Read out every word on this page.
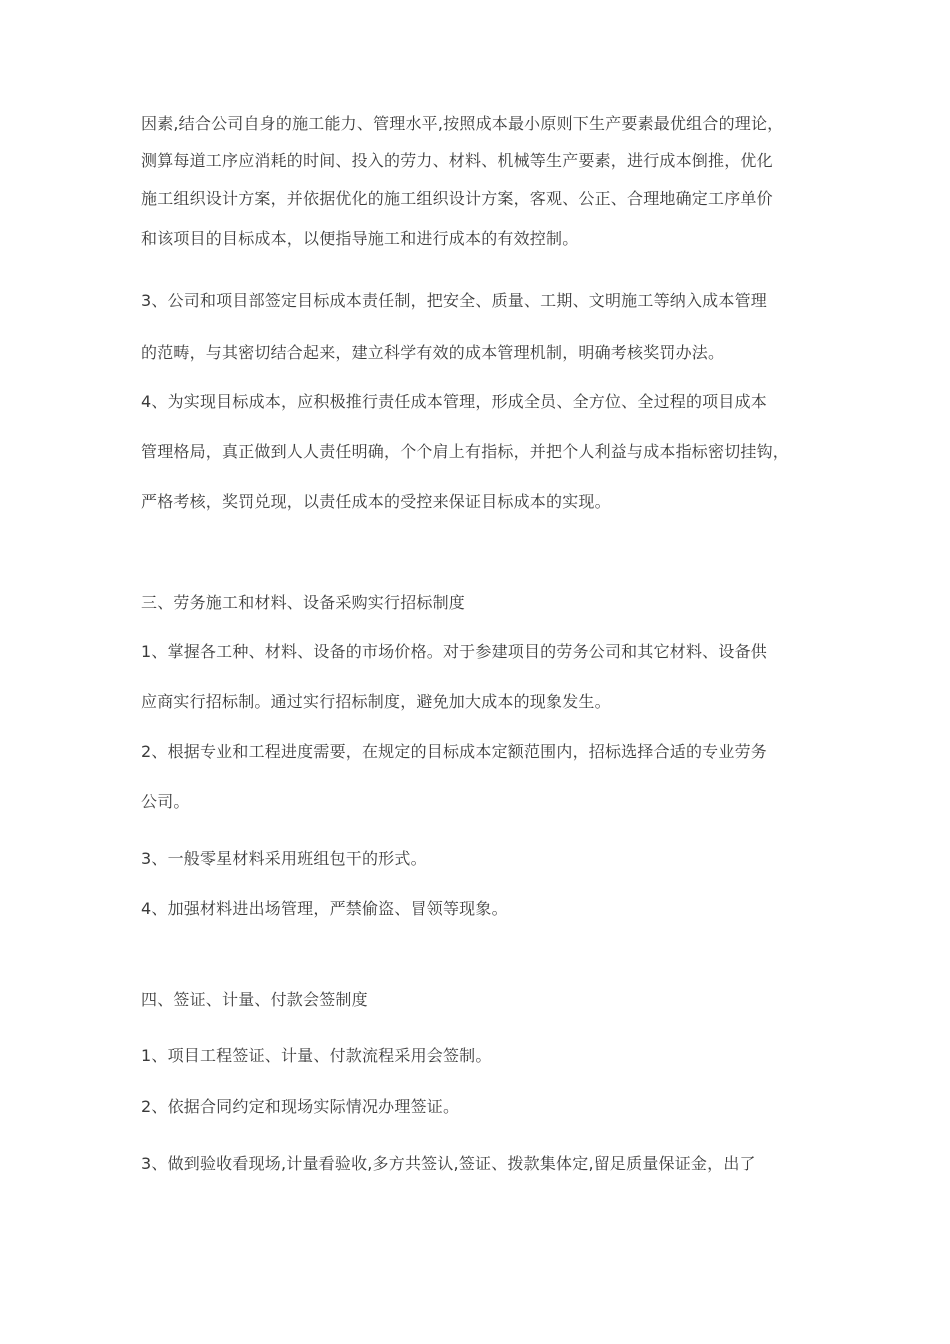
因素,结合公司自身的施工能力、管理水平,按照成本最小原则下生产要素最优组合的理论，
测算每道工序应消耗的时间、投入的劳力、材料、机械等生产要素，进行成本倒推，优化
施工组织设计方案，并依据优化的施工组织设计方案，客观、公正、合理地确定工序单价
和该项目的目标成本，以便指导施工和进行成本的有效控制。
3、公司和项目部签定目标成本责任制，把安全、质量、工期、文明施工等纳入成本管理
的范畴，与其密切结合起来，建立科学有效的成本管理机制，明确考核奖罚办法。
4、为实现目标成本，应积极推行责任成本管理，形成全员、全方位、全过程的项目成本
管理格局，真正做到人人责任明确，个个肩上有指标，并把个人利益与成本指标密切挂钩，
严格考核，奖罚兑现，以责任成本的受控来保证目标成本的实现。
三、劳务施工和材料、设备采购实行招标制度
1、掌握各工种、材料、设备的市场价格。对于参建项目的劳务公司和其它材料、设备供
应商实行招标制。通过实行招标制度，避免加大成本的现象发生。
2、根据专业和工程进度需要，在规定的目标成本定额范围内，招标选择合适的专业劳务
公司。
3、一般零星材料采用班组包干的形式。
4、加强材料进出场管理，严禁偷盗、冒领等现象。
四、签证、计量、付款会签制度
1、项目工程签证、计量、付款流程采用会签制。
2、依据合同约定和现场实际情况办理签证。
3、做到验收看现场,计量看验收,多方共签认,签证、拨款集体定,留足质量保证金，出了
